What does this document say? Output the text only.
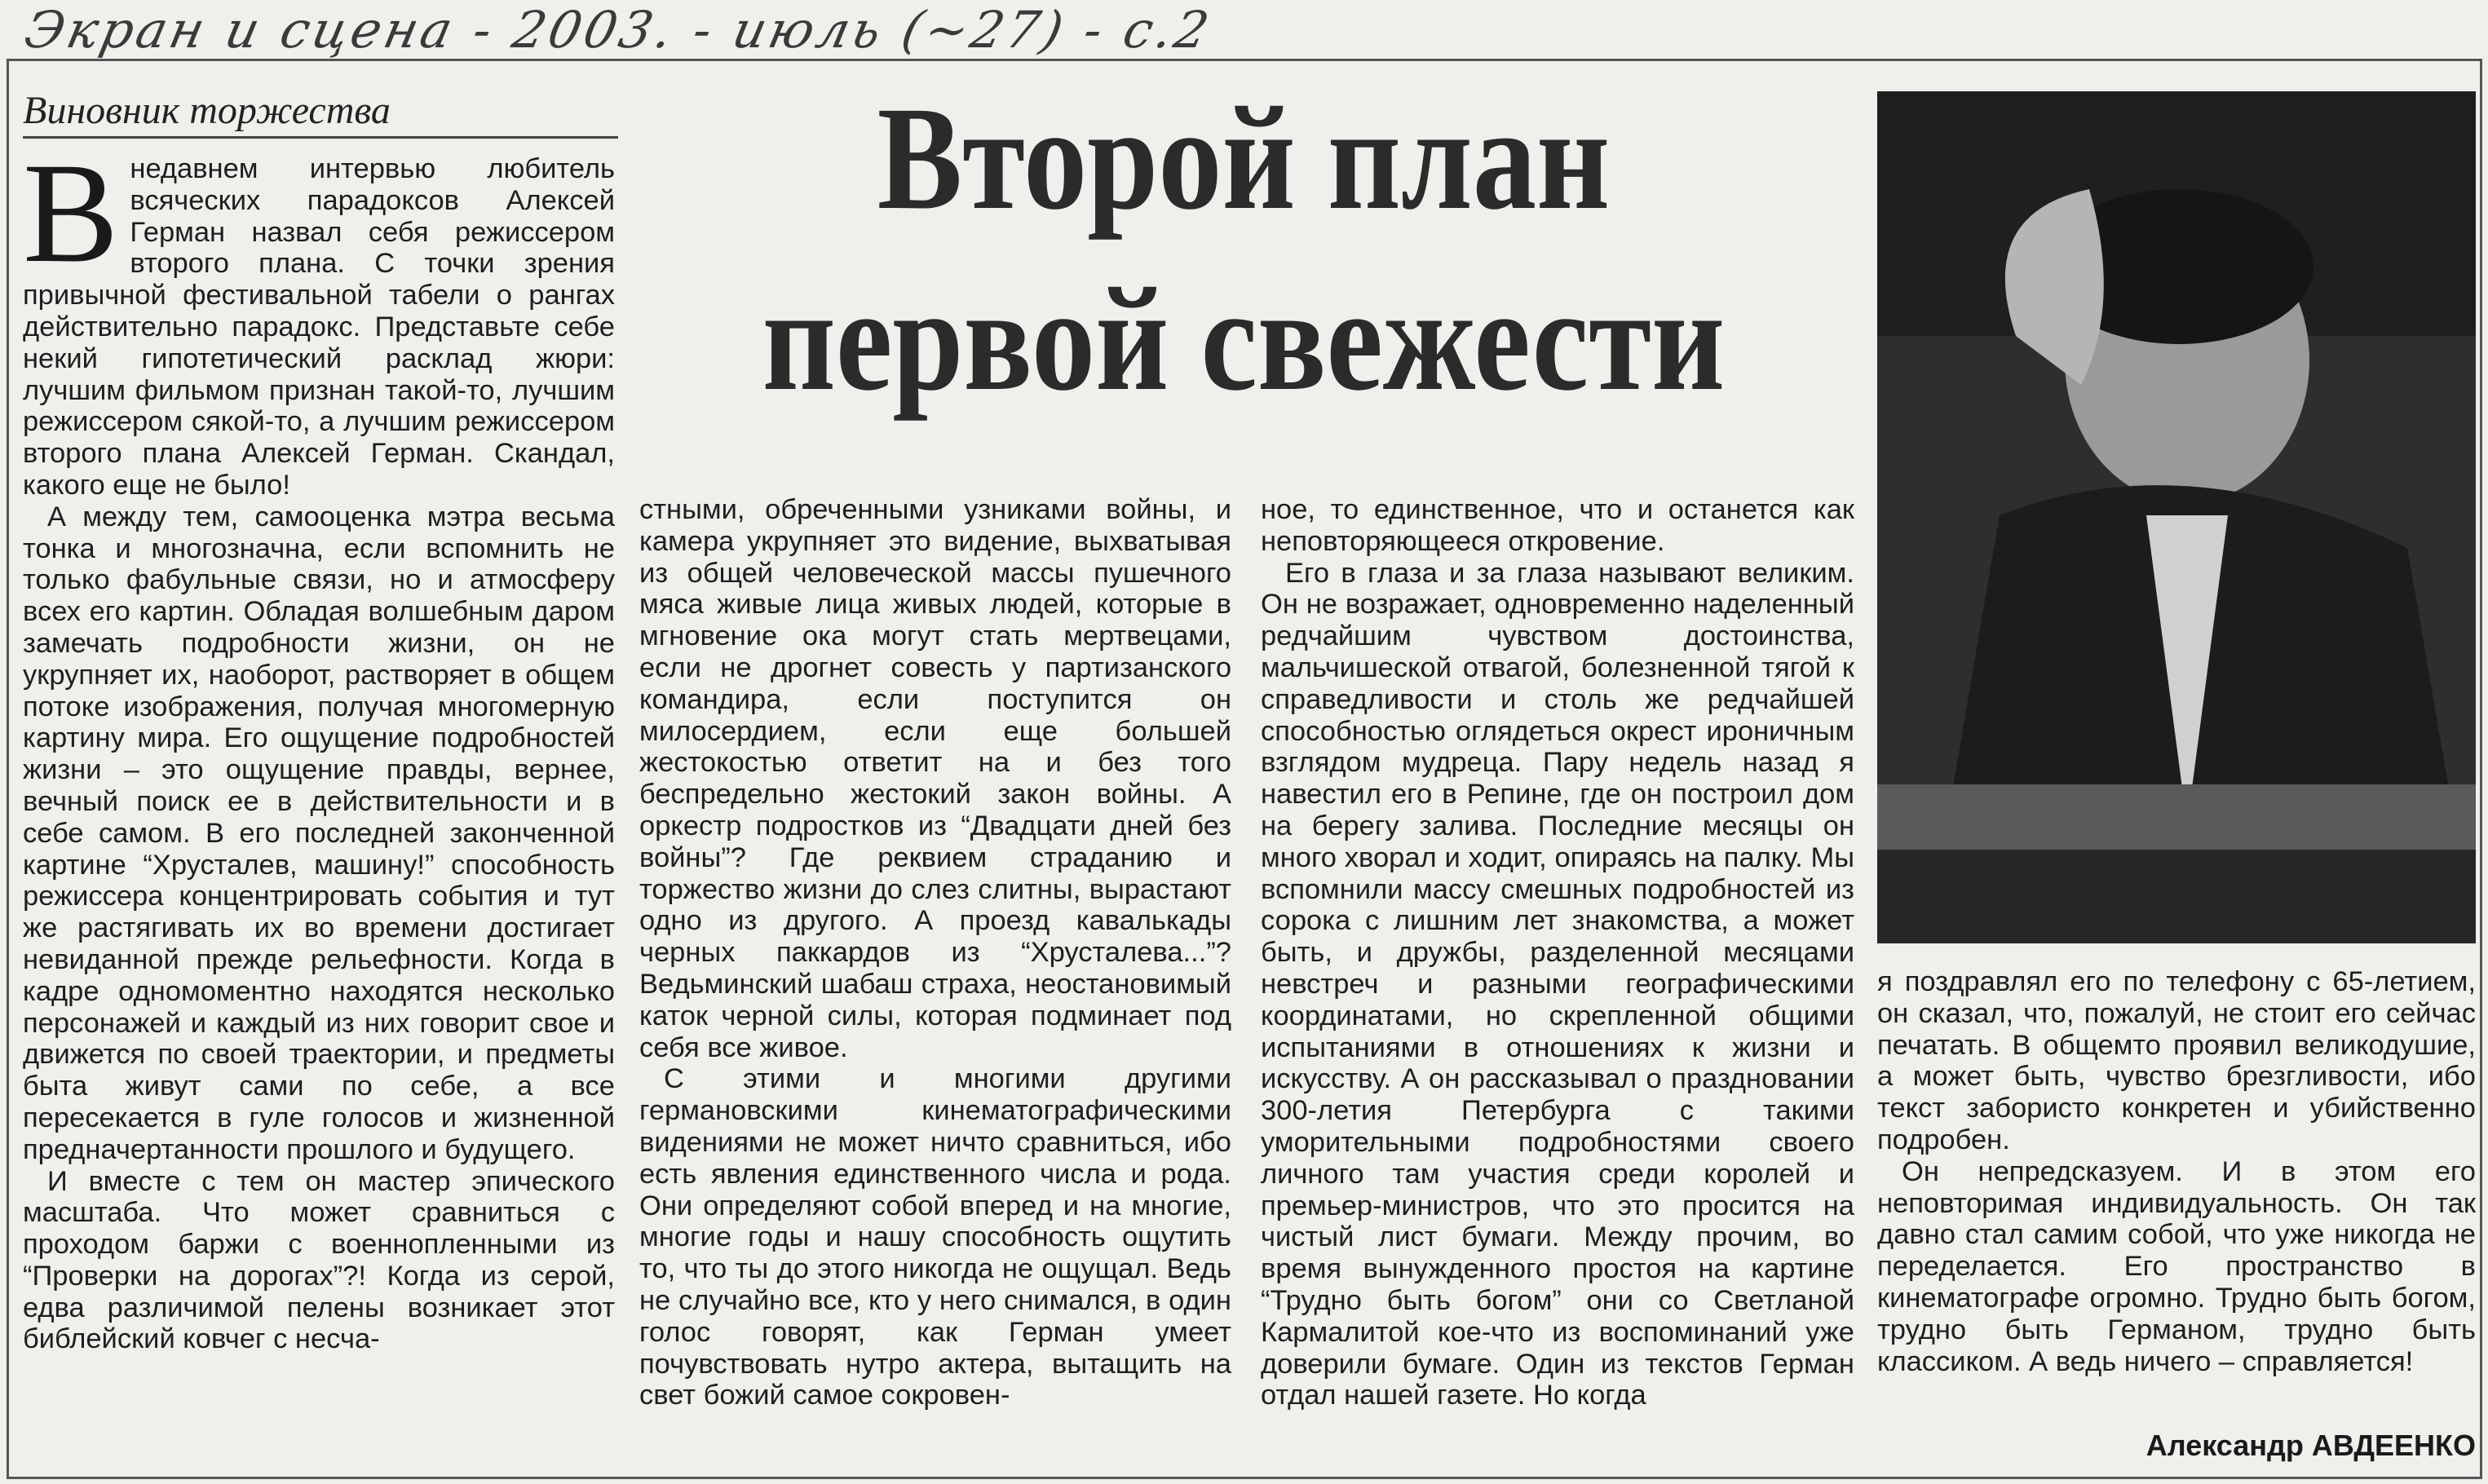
Экран и сцена - 2003. - июль (~27) - с.2
Виновник торжества	Второй план
первой свежести

Внедавнем интервью любитель всяческих парадоксов Алексей Герман назвал себя режиссером второго плана. С точки зрения привычной фестивальной табели о рангах действительно парадокс. Представьте себе некий гипотетический расклад жюри: лучшим фильмом признан такой-то, лучшим режиссером сякой-то, а лучшим режиссером второго плана Алексей Герман. Скандал, какого еще не было!

А между тем, самооценка мэтра весьма тонка и многозначна, если вспомнить не только фабульные связи, но и атмосферу всех его картин. Обладая волшебным даром замечать подробности жизни, он не укрупняет их, наоборот, растворяет в общем потоке изображения, получая многомерную картину мира. Его ощущение подробностей жизни – это ощущение правды, вернее, вечный поиск ее в действительности и в себе самом. В его последней законченной картине “Хрусталев, машину!” способность режиссера концентрировать события и тут же растягивать их во времени достигает невиданной прежде рельефности. Когда в кадре одномоментно находятся несколько персонажей и каждый из них говорит свое и движется по своей траектории, и предметы быта живут сами по себе, а все пересекается в гуле голосов и жизненной предначертанности прошлого и будущего.

И вместе с тем он мастер эпического масштаба. Что может сравниться с проходом баржи с военнопленными из “Проверки на дорогах”?! Когда из серой, едва различимой пелены возникает этот библейский ковчег с несча-

стными, обреченными узниками войны, и камера укрупняет это видение, выхватывая из общей человеческой массы пушечного мяса живые лица живых людей, которые в мгновение ока могут стать мертвецами, если не дрогнет совесть у партизанского командира, если поступится он милосердием, если еще большей жестокостью ответит на и без того беспредельно жестокий закон войны. А оркестр подростков из “Двадцати дней без войны”? Где реквием страданию и торжество жизни до слез слитны, вырастают одно из другого. А проезд кавалькады черных паккардов из “Хрусталева...”? Ведьминский шабаш страха, неостановимый каток черной силы, которая подминает под себя все живое.

С этими и многими другими германовскими кинематографическими видениями не может ничто сравниться, ибо есть явления единственного числа и рода. Они определяют собой вперед и на многие, многие годы и нашу способность ощутить то, что ты до этого никогда не ощущал. Ведь не случайно все, кто у него снимался, в один голос говорят, как Герман умеет почувствовать нутро актера, вытащить на свет божий самое сокровен-

ное, то единственное, что и останется как неповторяющееся откровение.

Его в глаза и за глаза называют великим. Он не возражает, одновременно наделенный редчайшим чувством достоинства, мальчишеской отвагой, болезненной тягой к справедливости и столь же редчайшей способностью оглядеться окрест ироничным взглядом мудреца. Пару недель назад я навестил его в Репине, где он построил дом на берегу залива. Последние месяцы он много хворал и ходит, опираясь на палку. Мы вспомнили массу смешных подробностей из сорока с лишним лет знакомства, а может быть, и дружбы, разделенной месяцами невстреч и разными географическими координатами, но скрепленной общими испытаниями в отношениях к жизни и искусству. А он рассказывал о праздновании 300-летия Петербурга с такими уморительными подробностями своего личного там участия среди королей и премьер-министров, что это просится на чистый лист бумаги. Между прочим, во время вынужденного простоя на картине “Трудно быть богом” они со Светланой Кармалитой кое-что из воспоминаний уже доверили бумаге. Один из текстов Герман отдал нашей газете. Но когда

я поздравлял его по телефону с 65-летием, он сказал, что, пожалуй, не стоит его сейчас печатать. В общемто проявил великодушие, а может быть, чувство брезгливости, ибо текст забористо конкретен и убийственно подробен.

Он непредсказуем. И в этом его неповторимая индивидуальность. Он так давно стал самим собой, что уже никогда не переделается. Его пространство в кинематографе огромно. Трудно быть богом, трудно быть Германом, трудно быть классиком. А ведь ничего – справляется!

Александр АВДЕЕНКО
